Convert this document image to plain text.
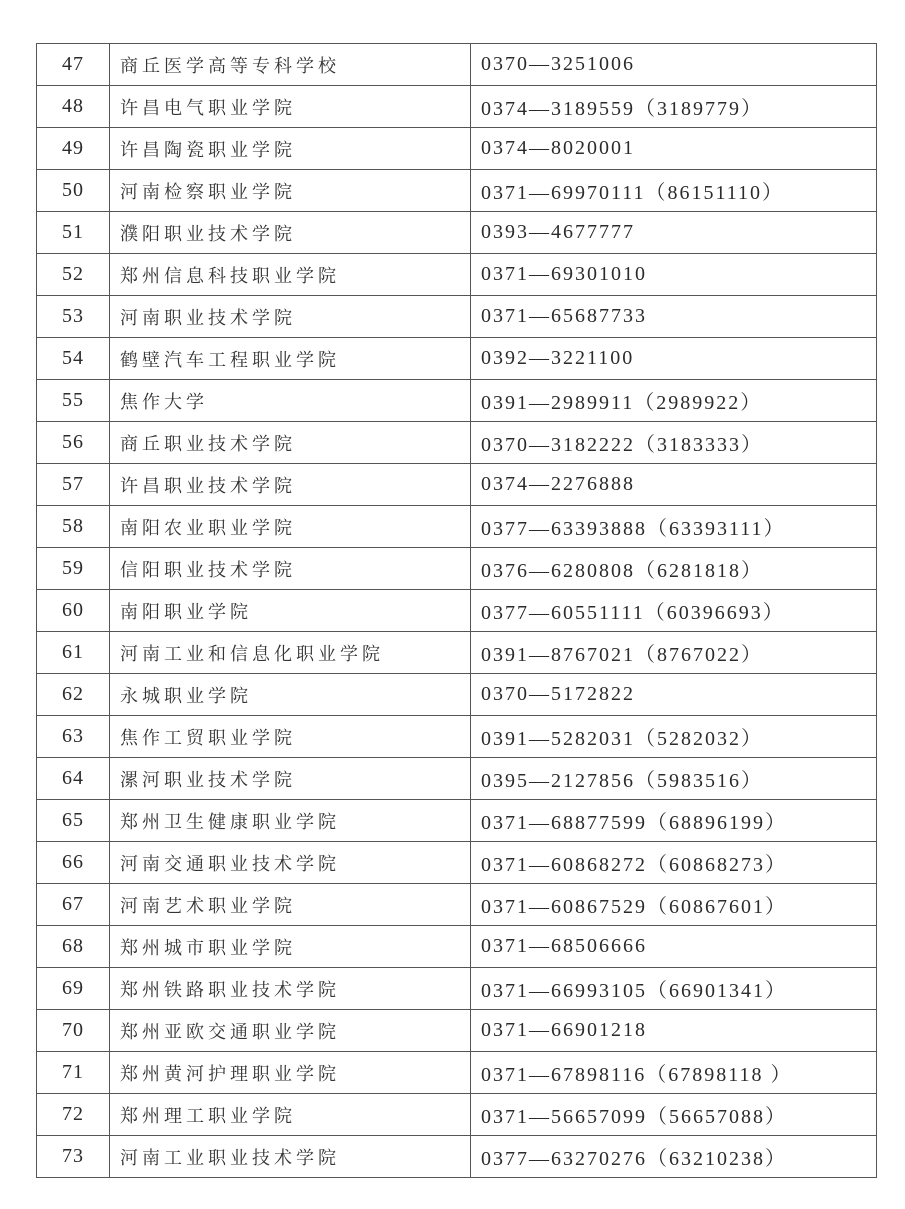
47	商丘医学高等专科学校	0370—3251006
48	许昌电气职业学院	0374—3189559（3189779）
49	许昌陶瓷职业学院	0374—8020001
50	河南检察职业学院	0371—69970111（86151110）
51	濮阳职业技术学院	0393—4677777
52	郑州信息科技职业学院	0371—69301010
53	河南职业技术学院	0371—65687733
54	鹤壁汽车工程职业学院	0392—3221100
55	焦作大学	0391—2989911（2989922）
56	商丘职业技术学院	0370—3182222（3183333）
57	许昌职业技术学院	0374—2276888
58	南阳农业职业学院	0377—63393888（63393111）
59	信阳职业技术学院	0376—6280808（6281818）
60	南阳职业学院	0377—60551111（60396693）
61	河南工业和信息化职业学院	0391—8767021（8767022）
62	永城职业学院	0370—5172822
63	焦作工贸职业学院	0391—5282031（5282032）
64	漯河职业技术学院	0395—2127856（5983516）
65	郑州卫生健康职业学院	0371—68877599（68896199）
66	河南交通职业技术学院	0371—60868272（60868273）
67	河南艺术职业学院	0371—60867529（60867601）
68	郑州城市职业学院	0371—68506666
69	郑州铁路职业技术学院	0371—66993105（66901341）
70	郑州亚欧交通职业学院	0371—66901218
71	郑州黄河护理职业学院	0371—67898116（67898118 ）
72	郑州理工职业学院	0371—56657099（56657088）
73	河南工业职业技术学院	0377—63270276（63210238）
